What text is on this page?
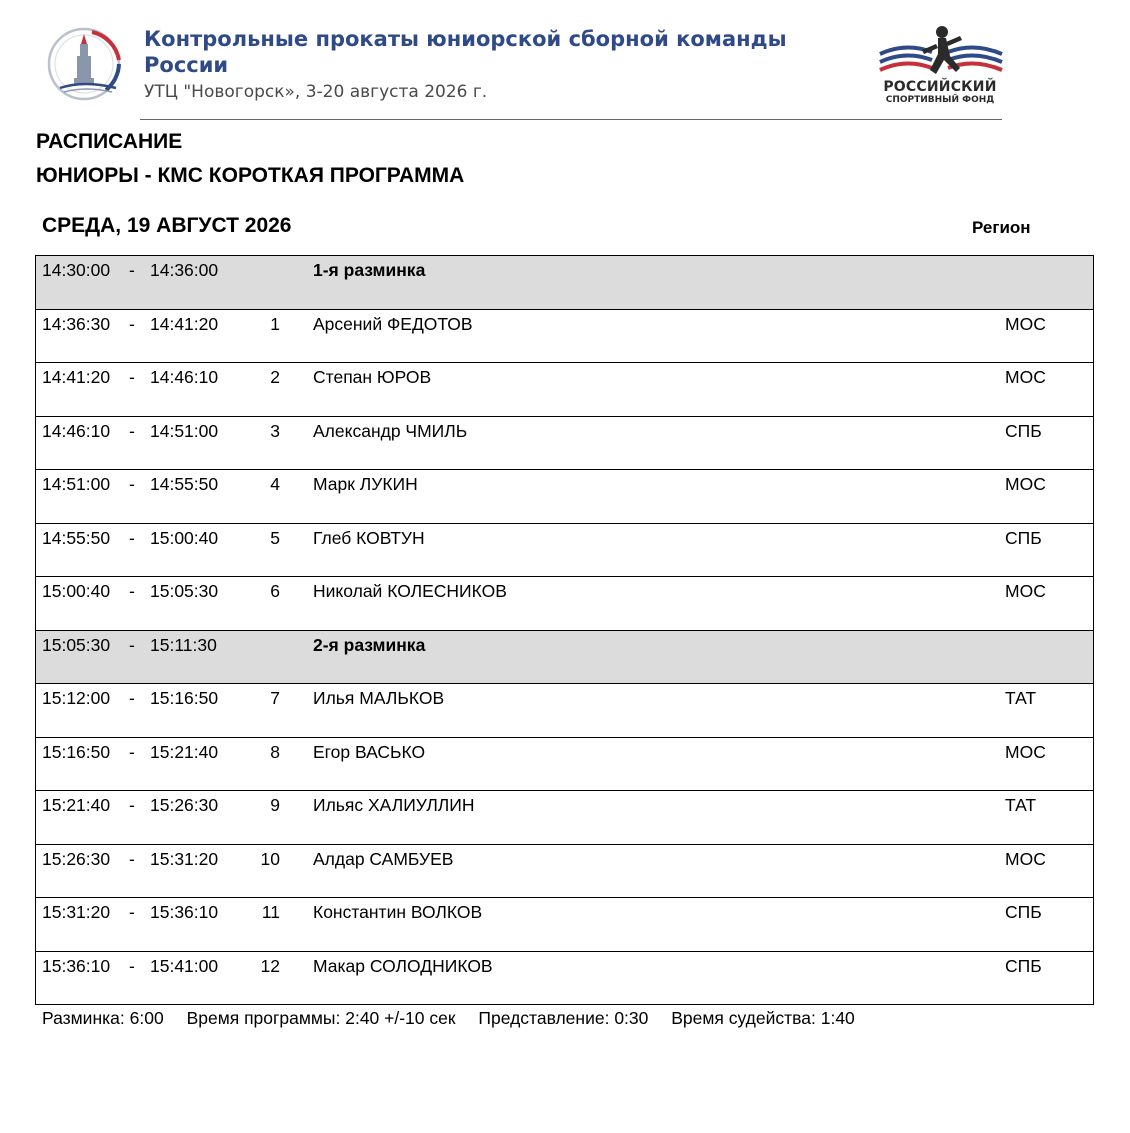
Контрольные прокаты юниорской сборной команды
России
УТЦ "Новогорск», 3-20 августа 2026 г.	РОССИЙСКИЙ
СПОРТИВНЫЙ ФОНД
РАСПИСАНИЕ
ЮНИОРЫ - КМС КОРОТКАЯ ПРОГРАММА
СРЕДА, 19 АВГУСТ 2026	Регион
14:30:00 - 14:36:00	1-я разминка
14:36:30 - 14:41:20	1 Арсений ФЕДОТОВ	МОС
14:41:20 - 14:46:10	2 Степан ЮРОВ	МОС
14:46:10 - 14:51:00	3 Александр ЧМИЛЬ	СПБ
14:51:00 - 14:55:50	4 Марк ЛУКИН	МОС
14:55:50 - 15:00:40	5 Глеб КОВТУН	СПБ
15:00:40 - 15:05:30	6 Николай КОЛЕСНИКОВ	МОС
15:05:30 - 15:11:30	2-я разминка
15:12:00 - 15:16:50	7 Илья МАЛЬКОВ	ТАТ
15:16:50 - 15:21:40	8 Егор ВАСЬКО	МОС
15:21:40 - 15:26:30	9 Ильяс ХАЛИУЛЛИН	ТАТ
15:26:30 - 15:31:20	10 Алдар САМБУЕВ	МОС
15:31:20 - 15:36:10	11 Константин ВОЛКОВ	СПБ
15:36:10 - 15:41:00	12 Макар СОЛОДНИКОВ	СПБ
Разминка: 6:00 Время программы: 2:40 +/-10 сек Представление: 0:30 Время судейства: 1:40
